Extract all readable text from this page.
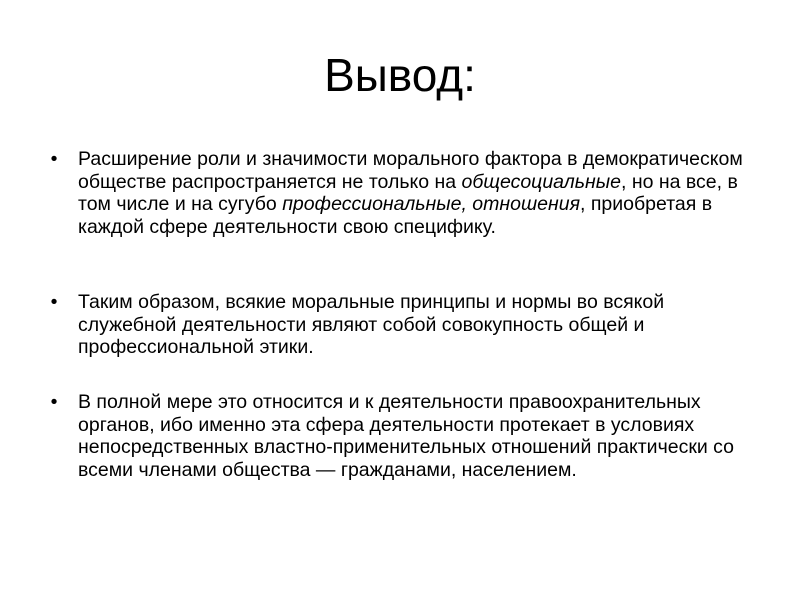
Вывод:
•	Расширение роли и значимости морального фактора в демократическом обществе распространяется не только на общесоциальные, но на все, в том числе и на сугубо профессиональные, отношения, приобретая в каждой сфере деятельности свою специфику.
•	Таким образом, всякие моральные принципы и нормы во всякой служебной деятельности являют собой совокупность общей и профессиональной этики.
•	В полной мере это относится и к деятельности правоохранительных органов, ибо именно эта сфера деятельности протекает в условиях непосредственных властно-применительных отношений практически со всеми членами общества — гражданами, населением.
